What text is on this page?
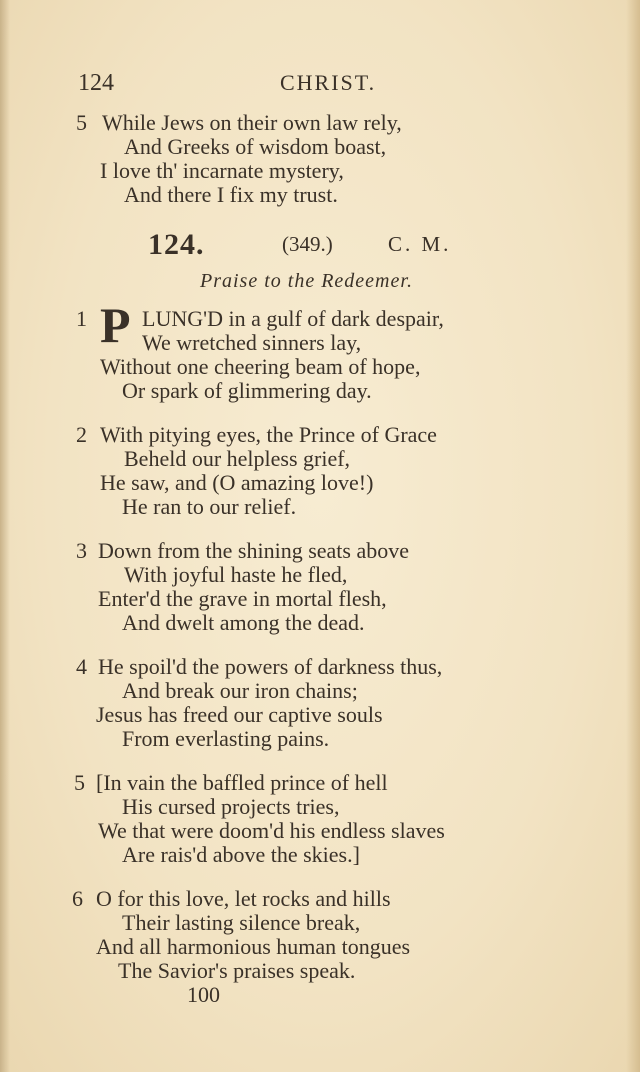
124	CHRIST.
5 While Jews on their own law rely,
And Greeks of wisdom boast,
I love th' incarnate mystery,
And there I fix my trust.
124.	(349.)	C. M.
Praise to the Redeemer.
1 P LUNG'D in a gulf of dark despair,
We wretched sinners lay,
Without one cheering beam of hope,
Or spark of glimmering day.
2 With pitying eyes, the Prince of Grace
Beheld our helpless grief,
He saw, and (O amazing love!)
He ran to our relief.
3 Down from the shining seats above
With joyful haste he fled,
Enter'd the grave in mortal flesh,
And dwelt among the dead.
4 He spoil'd the powers of darkness thus,
And break our iron chains;
Jesus has freed our captive souls
From everlasting pains.
5 [In vain the baffled prince of hell
His cursed projects tries,
We that were doom'd his endless slaves
Are rais'd above the skies.]
6 O for this love, let rocks and hills
Their lasting silence break,
And all harmonious human tongues
The Savior's praises speak.
100
